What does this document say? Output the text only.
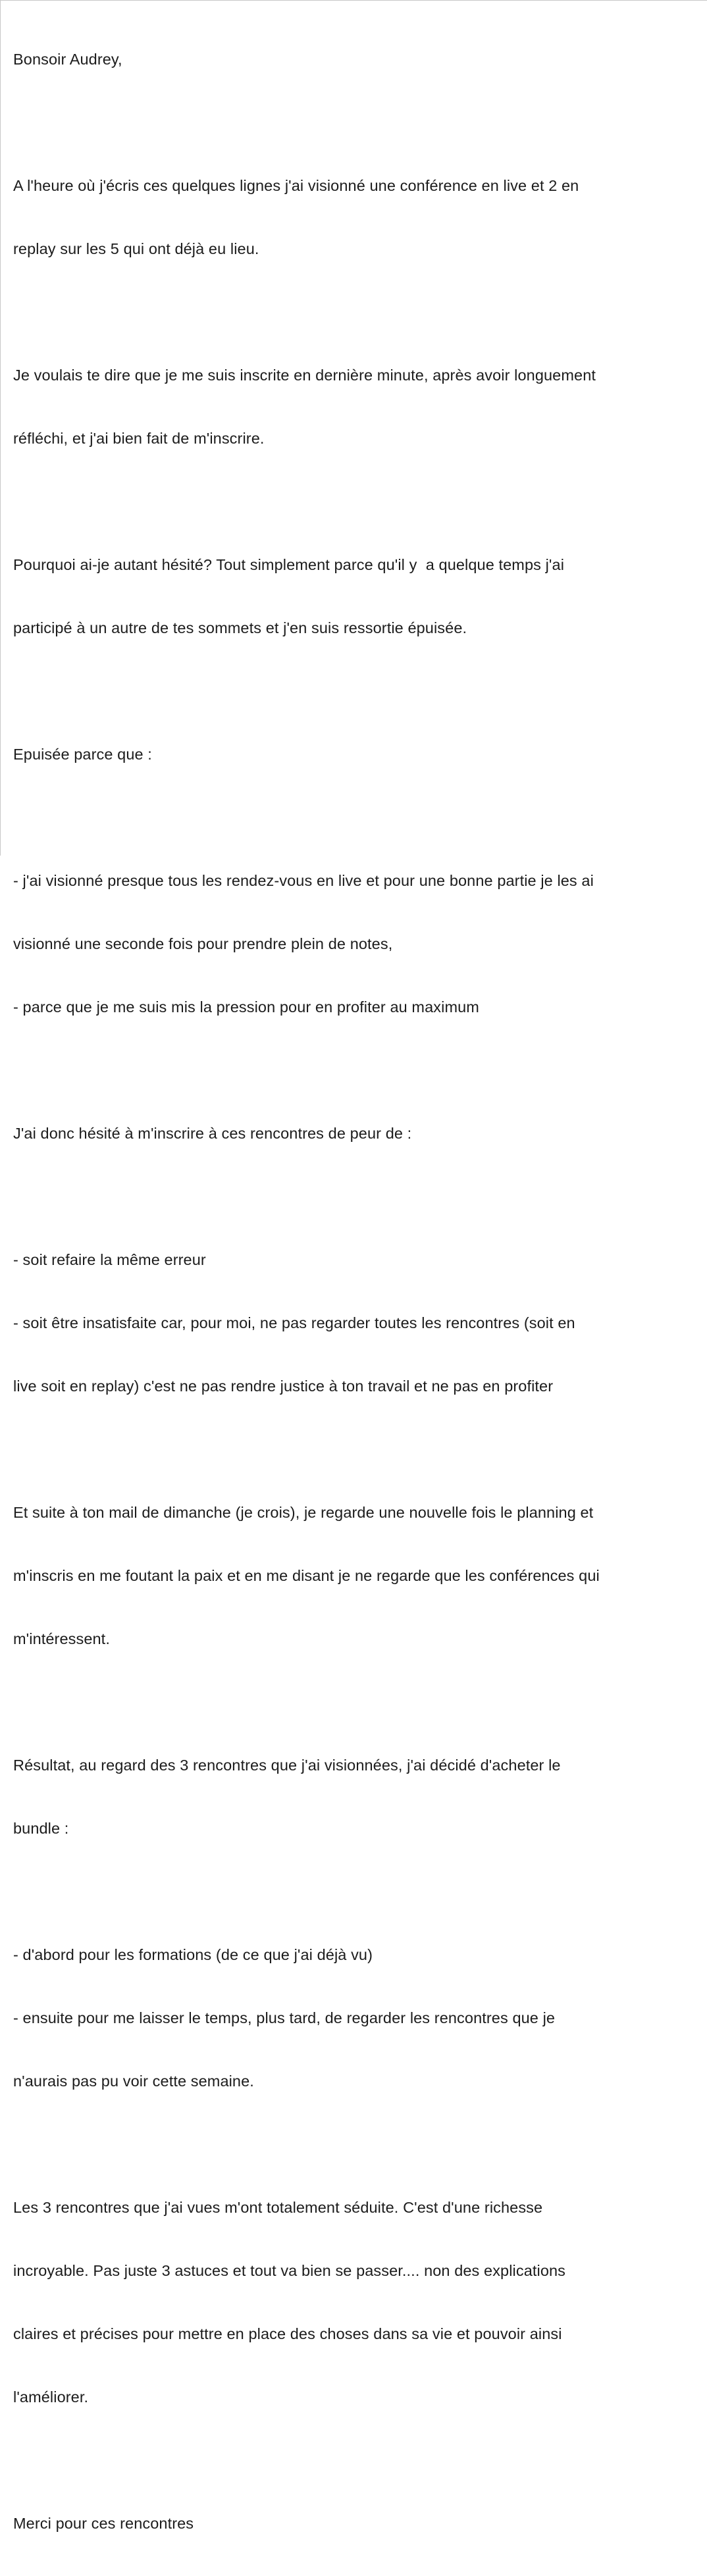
Bonsoir Audrey,

A l'heure où j'écris ces quelques lignes j'ai visionné une conférence en live et 2 en

replay sur les 5 qui ont déjà eu lieu.

Je voulais te dire que je me suis inscrite en dernière minute, après avoir longuement

réfléchi, et j'ai bien fait de m'inscrire.

Pourquoi ai-je autant hésité? Tout simplement parce qu'il y  a quelque temps j'ai

participé à un autre de tes sommets et j'en suis ressortie épuisée.

Epuisée parce que :

- j'ai visionné presque tous les rendez-vous en live et pour une bonne partie je les ai

visionné une seconde fois pour prendre plein de notes,

- parce que je me suis mis la pression pour en profiter au maximum

J'ai donc hésité à m'inscrire à ces rencontres de peur de :

- soit refaire la même erreur

- soit être insatisfaite car, pour moi, ne pas regarder toutes les rencontres (soit en

live soit en replay) c'est ne pas rendre justice à ton travail et ne pas en profiter

Et suite à ton mail de dimanche (je crois), je regarde une nouvelle fois le planning et

m'inscris en me foutant la paix et en me disant je ne regarde que les conférences qui

m'intéressent.

Résultat, au regard des 3 rencontres que j'ai visionnées, j'ai décidé d'acheter le

bundle :

- d'abord pour les formations (de ce que j'ai déjà vu)

- ensuite pour me laisser le temps, plus tard, de regarder les rencontres que je

n'aurais pas pu voir cette semaine.

Les 3 rencontres que j'ai vues m'ont totalement séduite. C'est d'une richesse

incroyable. Pas juste 3 astuces et tout va bien se passer.... non des explications

claires et précises pour mettre en place des choses dans sa vie et pouvoir ainsi

l'améliorer.

Merci pour ces rencontres
